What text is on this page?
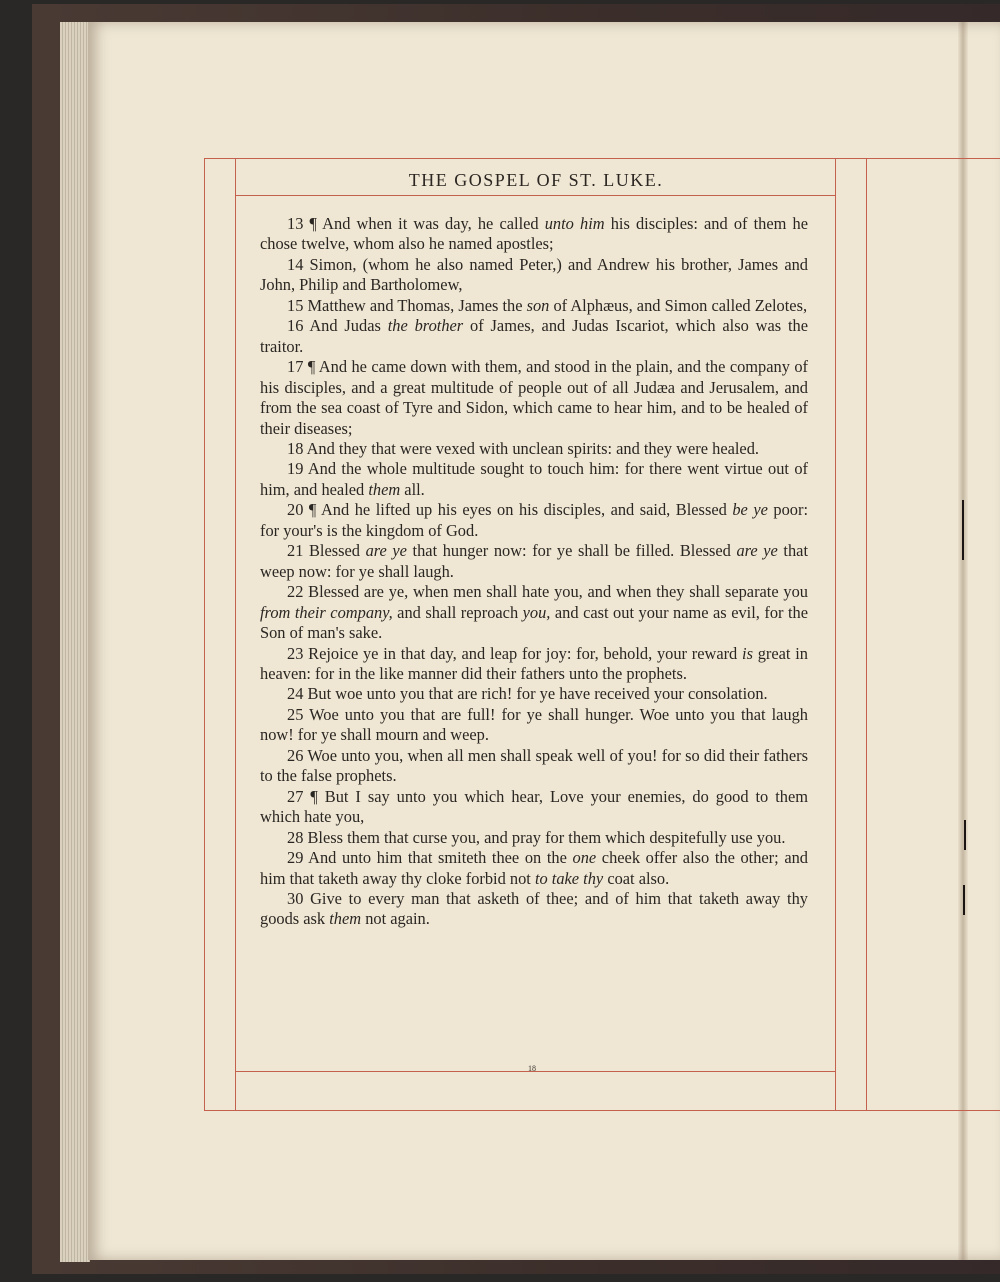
THE GOSPEL OF ST. LUKE.

13 ¶ And when it was day, he called unto him his disciples: and of them he chose twelve, whom also he named apostles;

14 Simon, (whom he also named Peter,) and Andrew his brother, James and John, Philip and Bartholomew,

15 Matthew and Thomas, James the son of Alphæus, and Simon called Zelotes,

16 And Judas the brother of James, and Judas Iscariot, which also was the traitor.

17 ¶ And he came down with them, and stood in the plain, and the company of his disciples, and a great multitude of people out of all Judæa and Jerusalem, and from the sea coast of Tyre and Sidon, which came to hear him, and to be healed of their diseases;

18 And they that were vexed with unclean spirits: and they were healed.

19 And the whole multitude sought to touch him: for there went virtue out of him, and healed them all.

20 ¶ And he lifted up his eyes on his disciples, and said, Blessed be ye poor: for your's is the kingdom of God.

21 Blessed are ye that hunger now: for ye shall be filled. Blessed are ye that weep now: for ye shall laugh.

22 Blessed are ye, when men shall hate you, and when they shall separate you from their company, and shall reproach you, and cast out your name as evil, for the Son of man's sake.

23 Rejoice ye in that day, and leap for joy: for, behold, your reward is great in heaven: for in the like manner did their fathers unto the prophets.

24 But woe unto you that are rich! for ye have received your consolation.

25 Woe unto you that are full! for ye shall hunger. Woe unto you that laugh now! for ye shall mourn and weep.

26 Woe unto you, when all men shall speak well of you! for so did their fathers to the false prophets.

27 ¶ But I say unto you which hear, Love your enemies, do good to them which hate you,

28 Bless them that curse you, and pray for them which despitefully use you.

29 And unto him that smiteth thee on the one cheek offer also the other; and him that taketh away thy cloke forbid not to take thy coat also.

30 Give to every man that asketh of thee; and of him that taketh away thy goods ask them not again.

18
